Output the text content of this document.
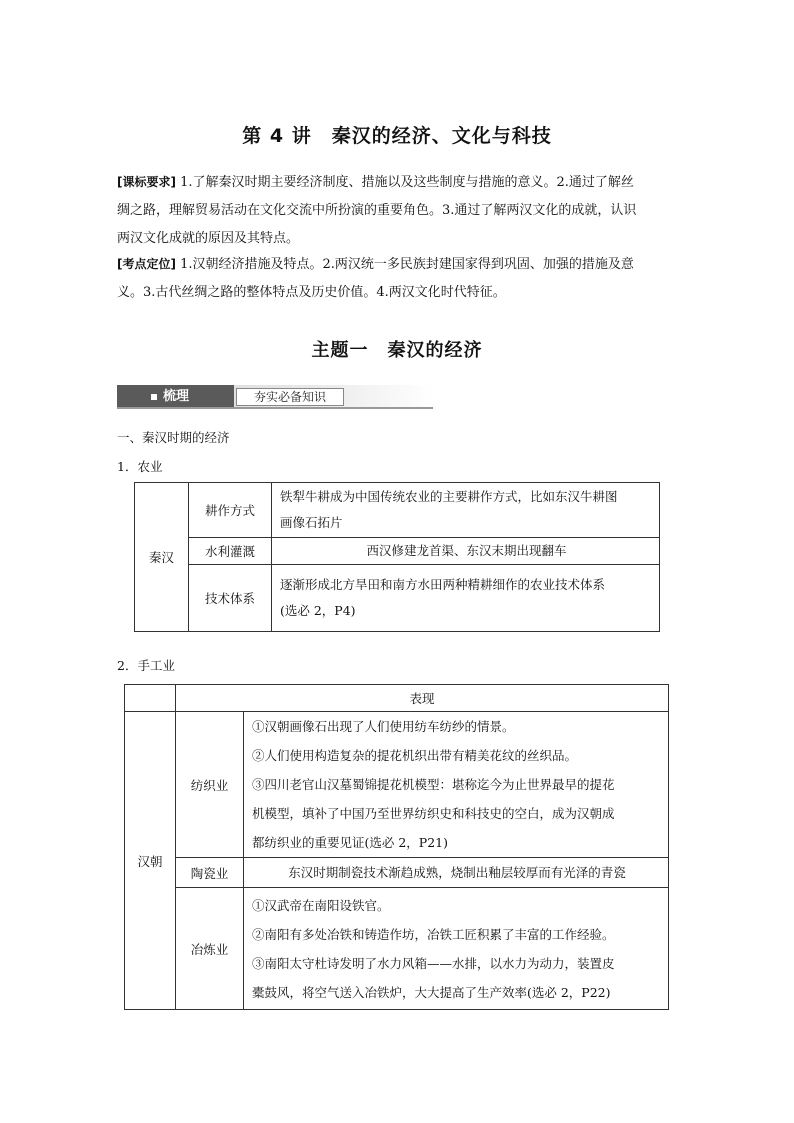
第 4 讲　秦汉的经济、文化与科技
[课标要求] 1.了解秦汉时期主要经济制度、措施以及这些制度与措施的意义。2.通过了解丝
绸之路，理解贸易活动在文化交流中所扮演的重要角色。3.通过了解两汉文化的成就，认识
两汉文化成就的原因及其特点。
[考点定位] 1.汉朝经济措施及特点。2.两汉统一多民族封建国家得到巩固、加强的措施及意
义。3.古代丝绸之路的整体特点及历史价值。4.两汉文化时代特征。
主题一　秦汉的经济
梳理	夯实必备知识
一、秦汉时期的经济
1．农业
秦汉	耕作方式	铁犁牛耕成为中国传统农业的主要耕作方式，比如东汉牛耕图
画像石拓片

	水利灌溉	西汉修建龙首渠、东汉末期出现翻车
	技术体系	逐渐形成北方旱田和南方水田两种精耕细作的农业技术体系
(选必 2，P4)
2．手工业
	表现	
汉朝	纺织业	①汉朝画像石出现了人们使用纺车纺纱的情景。
②人们使用构造复杂的提花机织出带有精美花纹的丝织品。
③四川老官山汉墓蜀锦提花机模型：堪称迄今为止世界最早的提花
机模型，填补了中国乃至世界纺织史和科技史的空白，成为汉朝成
都纺织业的重要见证(选必 2，P21)

	陶瓷业	东汉时期制瓷技术渐趋成熟，烧制出釉层较厚而有光泽的青瓷
	冶炼业	①汉武帝在南阳设铁官。
②南阳有多处冶铁和铸造作坊，冶铁工匠积累了丰富的工作经验。
③南阳太守杜诗发明了水力风箱——水排，以水力为动力，装置皮
橐鼓风，将空气送入冶铁炉，大大提高了生产效率(选必 2，P22)
